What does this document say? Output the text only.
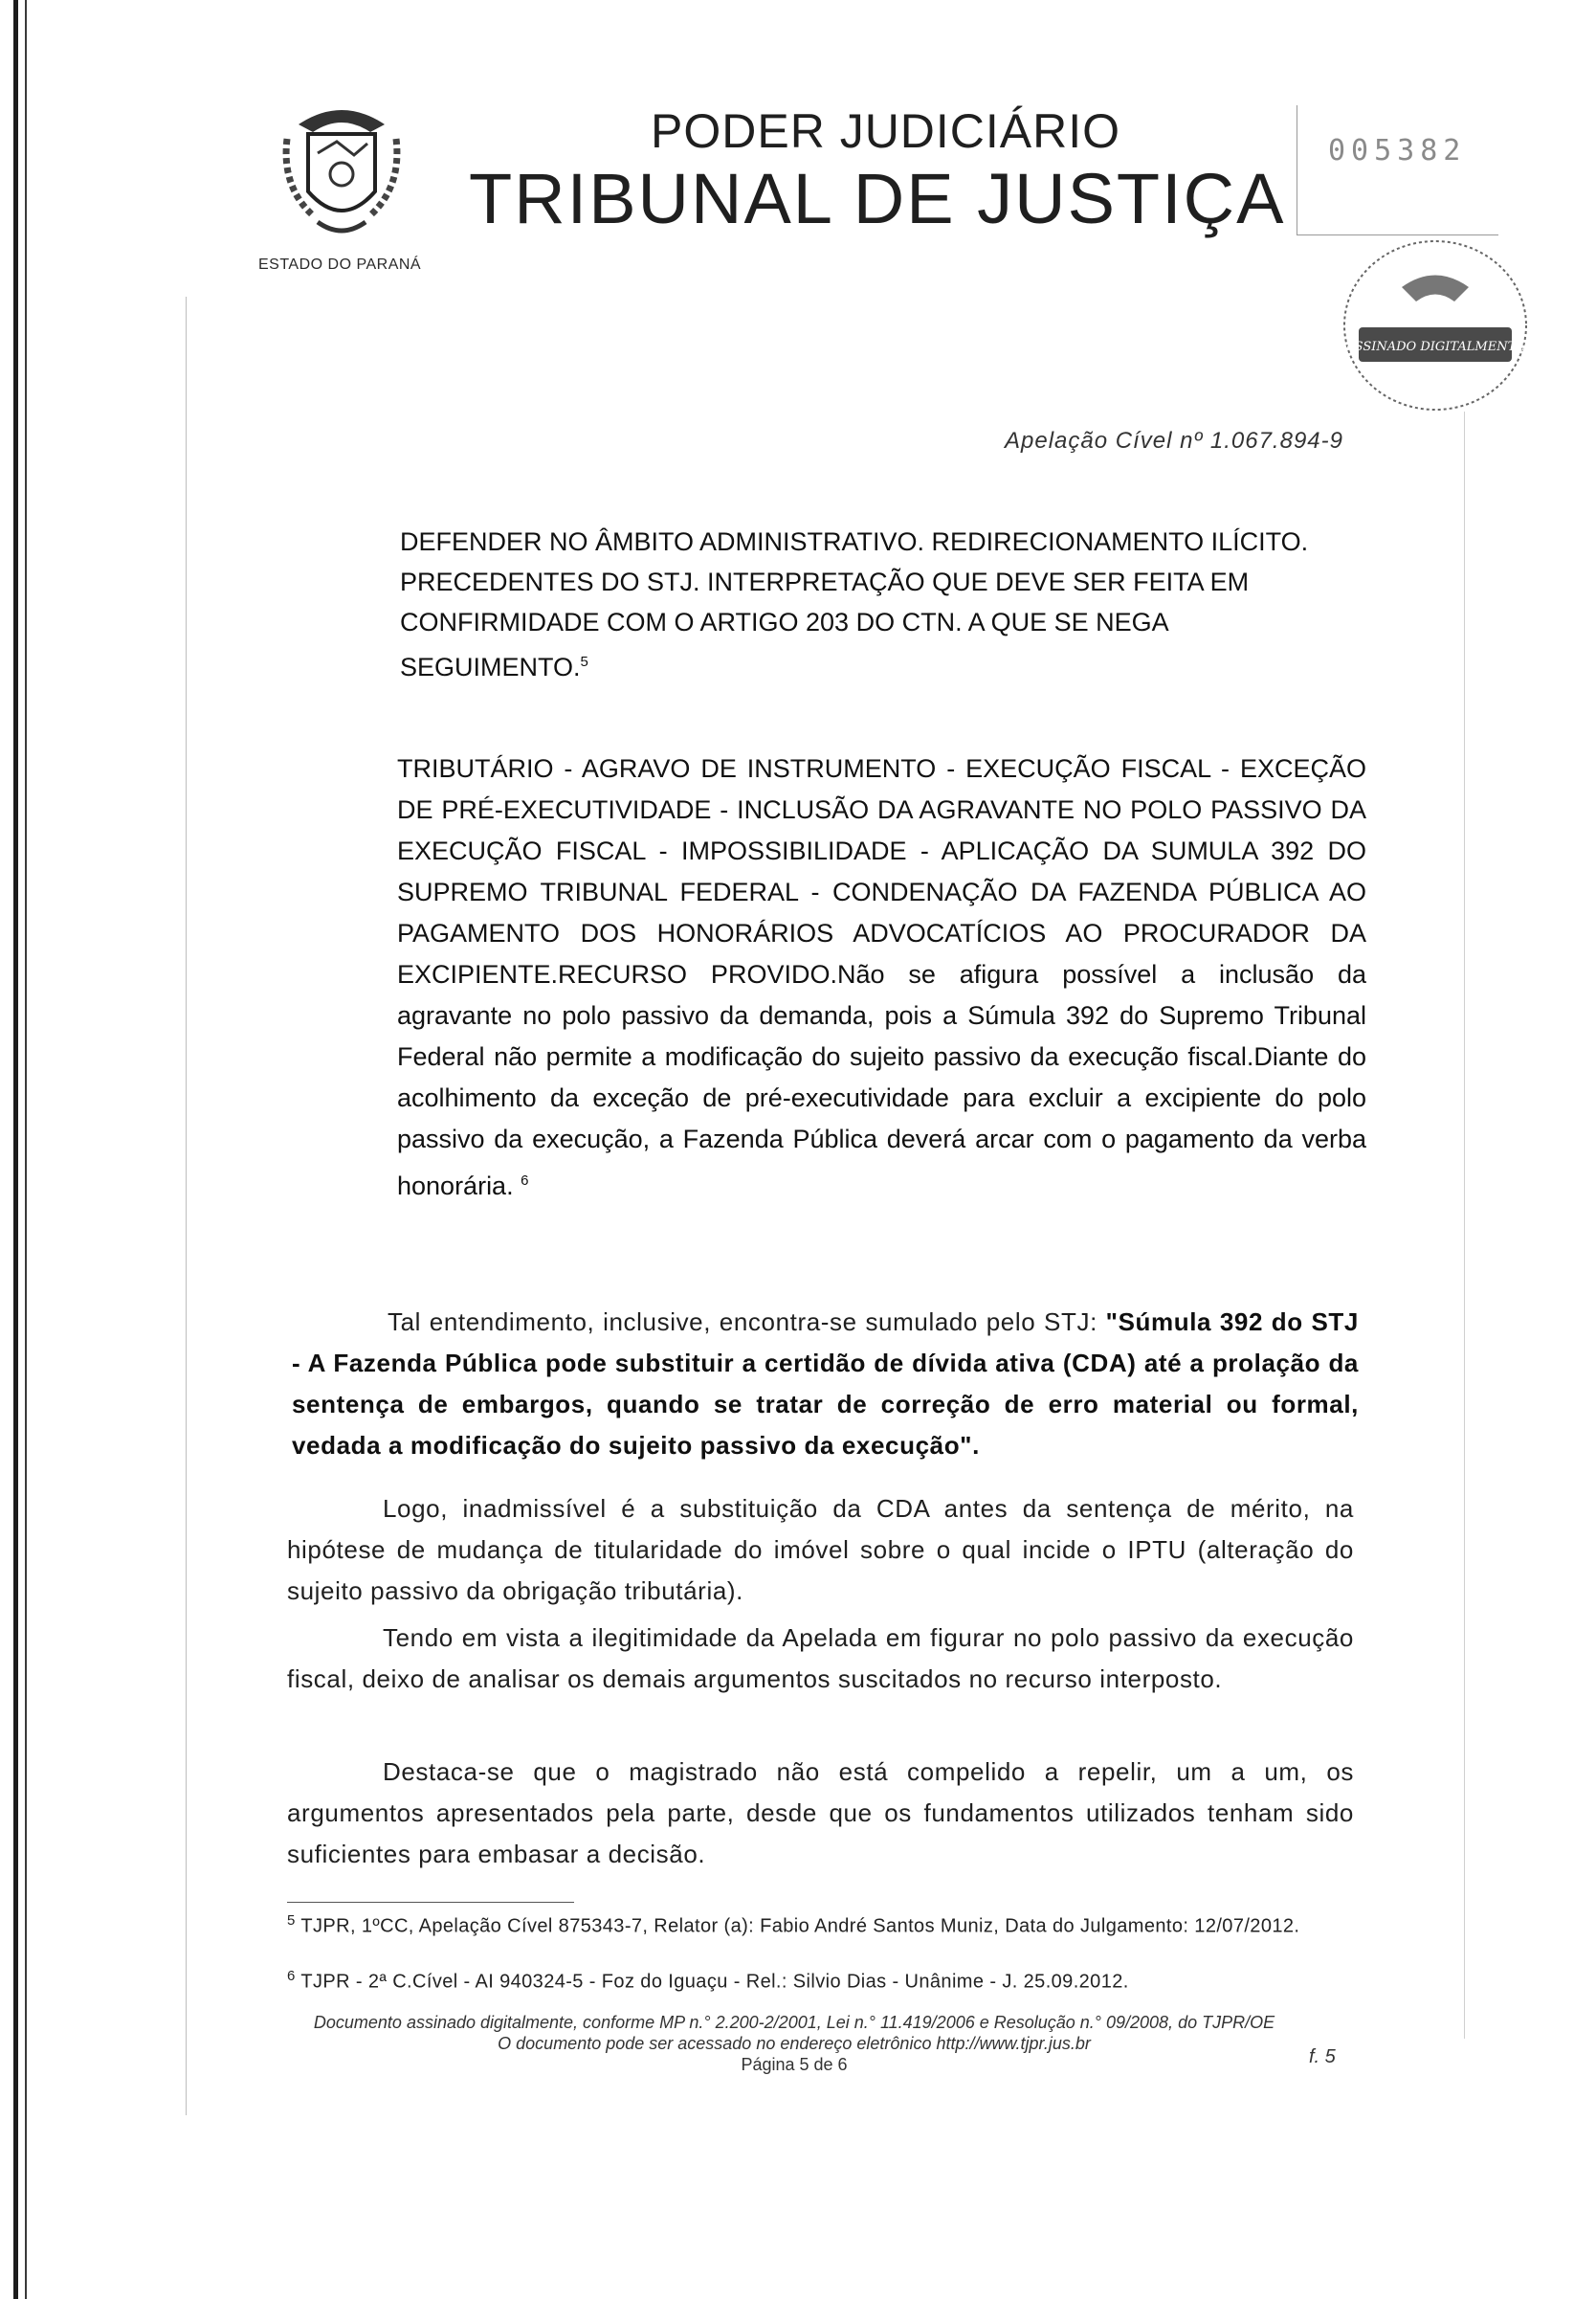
ESTADO DO PARANÁ
PODER JUDICIÁRIO
TRIBUNAL DE JUSTIÇA
005382
ASSINADO DIGITALMENTE
Apelação Cível nº 1.067.894-9
DEFENDER NO ÂMBITO ADMINISTRATIVO. REDIRECIONAMENTO ILÍCITO.
PRECEDENTES DO STJ. INTERPRETAÇÃO QUE DEVE SER FEITA EM
CONFIRMIDADE COM O ARTIGO 203 DO CTN. A QUE SE NEGA
SEGUIMENTO.$^5$
TRIBUTÁRIO - AGRAVO DE INSTRUMENTO - EXECUÇÃO FISCAL - EXCEÇÃO DE PRÉ-EXECUTIVIDADE - INCLUSÃO DA AGRAVANTE NO POLO PASSIVO DA EXECUÇÃO FISCAL - IMPOSSIBILIDADE - APLICAÇÃO DA SUMULA 392 DO SUPREMO TRIBUNAL FEDERAL - CONDENAÇÃO DA FAZENDA PÚBLICA AO PAGAMENTO DOS HONORÁRIOS ADVOCATÍCIOS AO PROCURADOR DA EXCIPIENTE.RECURSO PROVIDO.Não se afigura possível a inclusão da agravante no polo passivo da demanda, pois a Súmula 392 do Supremo Tribunal Federal não permite a modificação do sujeito passivo da execução fiscal.Diante do acolhimento da exceção de pré-executividade para excluir a excipiente do polo passivo da execução, a Fazenda Pública deverá arcar com o pagamento da verba honorária. $^6$
Tal entendimento, inclusive, encontra-se sumulado pelo STJ: "Súmula 392 do STJ - A Fazenda Pública pode substituir a certidão de dívida ativa (CDA) até a prolação da sentença de embargos, quando se tratar de correção de erro material ou formal, vedada a modificação do sujeito passivo da execução".
Logo, inadmissível é a substituição da CDA antes da sentença de mérito, na hipótese de mudança de titularidade do imóvel sobre o qual incide o IPTU (alteração do sujeito passivo da obrigação tributária).
Tendo em vista a ilegitimidade da Apelada em figurar no polo passivo da execução fiscal, deixo de analisar os demais argumentos suscitados no recurso interposto.
Destaca-se que o magistrado não está compelido a repelir, um a um, os argumentos apresentados pela parte, desde que os fundamentos utilizados tenham sido suficientes para embasar a decisão.
$^5$ TJPR, 1ºCC, Apelação Cível 875343-7, Relator (a): Fabio André Santos Muniz, Data do Julgamento: 12/07/2012.
$^6$ TJPR - 2ª C.Cível - AI 940324-5 - Foz do Iguaçu - Rel.: Silvio Dias - Unânime - J. 25.09.2012.
Documento assinado digitalmente, conforme MP n.° 2.200-2/2001, Lei n.° 11.419/2006 e Resolução n.° 09/2008, do TJPR/OE
O documento pode ser acessado no endereço eletrônico http://www.tjpr.jus.br
Página 5 de 6	f. 5
